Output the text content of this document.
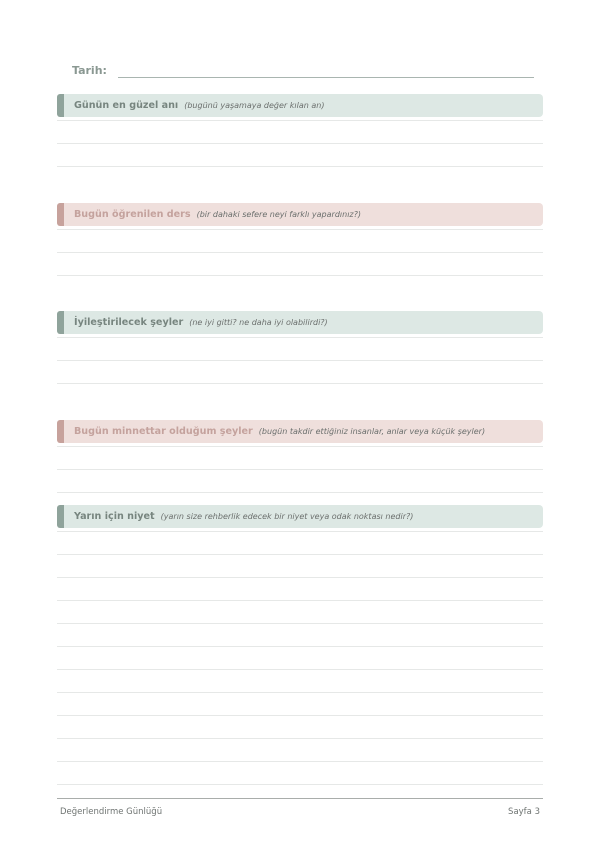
Tarih:
Günün en güzel anı (bugünü yaşamaya değer kılan an)
Bugün öğrenilen ders (bir dahaki sefere neyi farklı yapardınız?)
İyileştirilecek şeyler (ne iyi gitti? ne daha iyi olabilirdi?)
Bugün minnettar olduğum şeyler (bugün takdir ettiğiniz insanlar, anlar veya küçük şeyler)
Yarın için niyet (yarın size rehberlik edecek bir niyet veya odak noktası nedir?)
Değerlendirme Günlüğü	Sayfa 3
